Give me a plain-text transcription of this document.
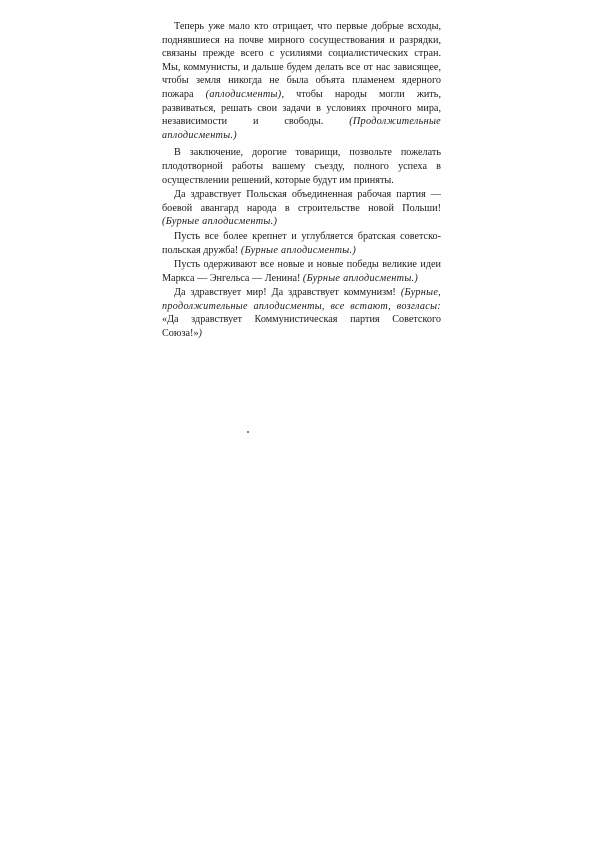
Теперь уже мало кто отрицает, что первые добрые всходы, поднявшиеся на почве мирного сосуществования и разрядки, связаны прежде всего с усилиями социалистических стран. Мы, коммунисты, и дальше будем делать все от нас зависящее, чтобы земля никогда не была объята пламенем ядерного пожара (аплодисменты), чтобы народы могли жить, развиваться, решать свои задачи в условиях прочного мира, независимости и свободы. (Продолжительные аплодисменты.)

В заключение, дорогие товарищи, позвольте пожелать плодотворной работы вашему съезду, полного успеха в осуществлении решений, которые будут им приняты.

Да здравствует Польская объединенная рабочая партия — боевой авангард народа в строительстве новой Польши! (Бурные аплодисменты.)

Пусть все более крепнет и углубляется братская советско-польская дружба! (Бурные аплодисменты.)

Пусть одерживают все новые и новые победы великие идеи Маркса — Энгельса — Ленина! (Бурные аплодисменты.)

Да здравствует мир! Да здравствует коммунизм! (Бурные, продолжительные аплодисменты, все встают, возгласы: «Да здравствует Коммунистическая партия Советского Союза!»)
